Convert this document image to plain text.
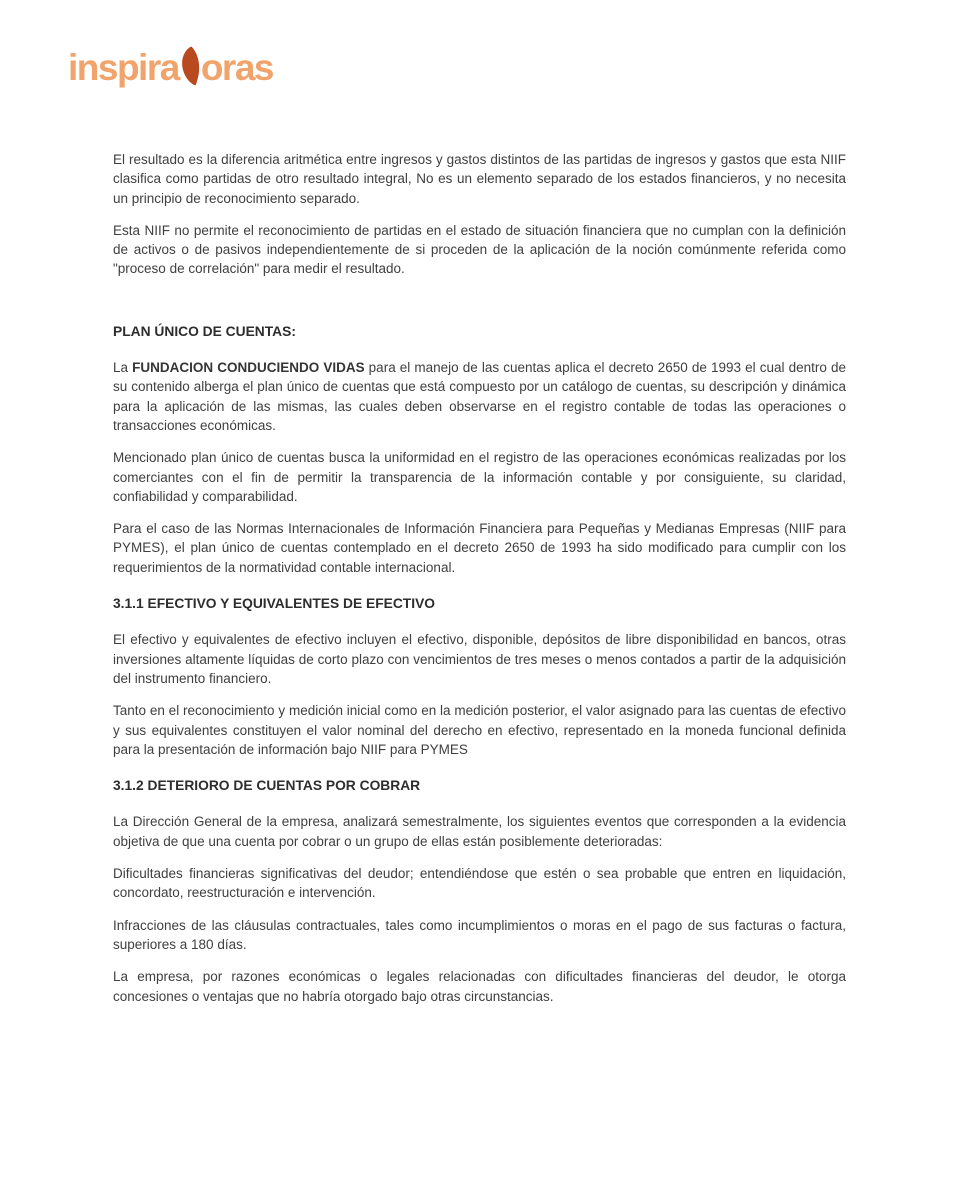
inspira oras

El resultado es la diferencia aritmética entre ingresos y gastos distintos de las partidas de ingresos y gastos que esta NIIF clasifica como partidas de otro resultado integral, No es un elemento separado de los estados financieros, y no necesita un principio de reconocimiento separado.

Esta NIIF no permite el reconocimiento de partidas en el estado de situación financiera que no cumplan con la definición de activos o de pasivos independientemente de si proceden de la aplicación de la noción comúnmente referida como "proceso de correlación" para medir el resultado.

PLAN ÚNICO DE CUENTAS:

La FUNDACION CONDUCIENDO VIDAS para el manejo de las cuentas aplica el decreto 2650 de 1993 el cual dentro de su contenido alberga el plan único de cuentas que está compuesto por un catálogo de cuentas, su descripción y dinámica para la aplicación de las mismas, las cuales deben observarse en el registro contable de todas las operaciones o transacciones económicas.

Mencionado plan único de cuentas busca la uniformidad en el registro de las operaciones económicas realizadas por los comerciantes con el fin de permitir la transparencia de la información contable y por consiguiente, su claridad, confiabilidad y comparabilidad.

Para el caso de las Normas Internacionales de Información Financiera para Pequeñas y Medianas Empresas (NIIF para PYMES), el plan único de cuentas contemplado en el decreto 2650 de 1993 ha sido modificado para cumplir con los requerimientos de la normatividad contable internacional.

3.1.1 EFECTIVO Y EQUIVALENTES DE EFECTIVO

El efectivo y equivalentes de efectivo incluyen el efectivo, disponible, depósitos de libre disponibilidad en bancos, otras inversiones altamente líquidas de corto plazo con vencimientos de tres meses o menos contados a partir de la adquisición del instrumento financiero.

Tanto en el reconocimiento y medición inicial como en la medición posterior, el valor asignado para las cuentas de efectivo y sus equivalentes constituyen el valor nominal del derecho en efectivo, representado en la moneda funcional definida para la presentación de información bajo NIIF para PYMES

3.1.2 DETERIORO DE CUENTAS POR COBRAR

La Dirección General de la empresa, analizará semestralmente, los siguientes eventos que corresponden a la evidencia objetiva de que una cuenta por cobrar o un grupo de ellas están posiblemente deterioradas:

Dificultades financieras significativas del deudor; entendiéndose que estén o sea probable que entren en liquidación, concordato, reestructuración e intervención.

Infracciones de las cláusulas contractuales, tales como incumplimientos o moras en el pago de sus facturas o factura, superiores a 180 días.

La empresa, por razones económicas o legales relacionadas con dificultades financieras del deudor, le otorga concesiones o ventajas que no habría otorgado bajo otras circunstancias.
